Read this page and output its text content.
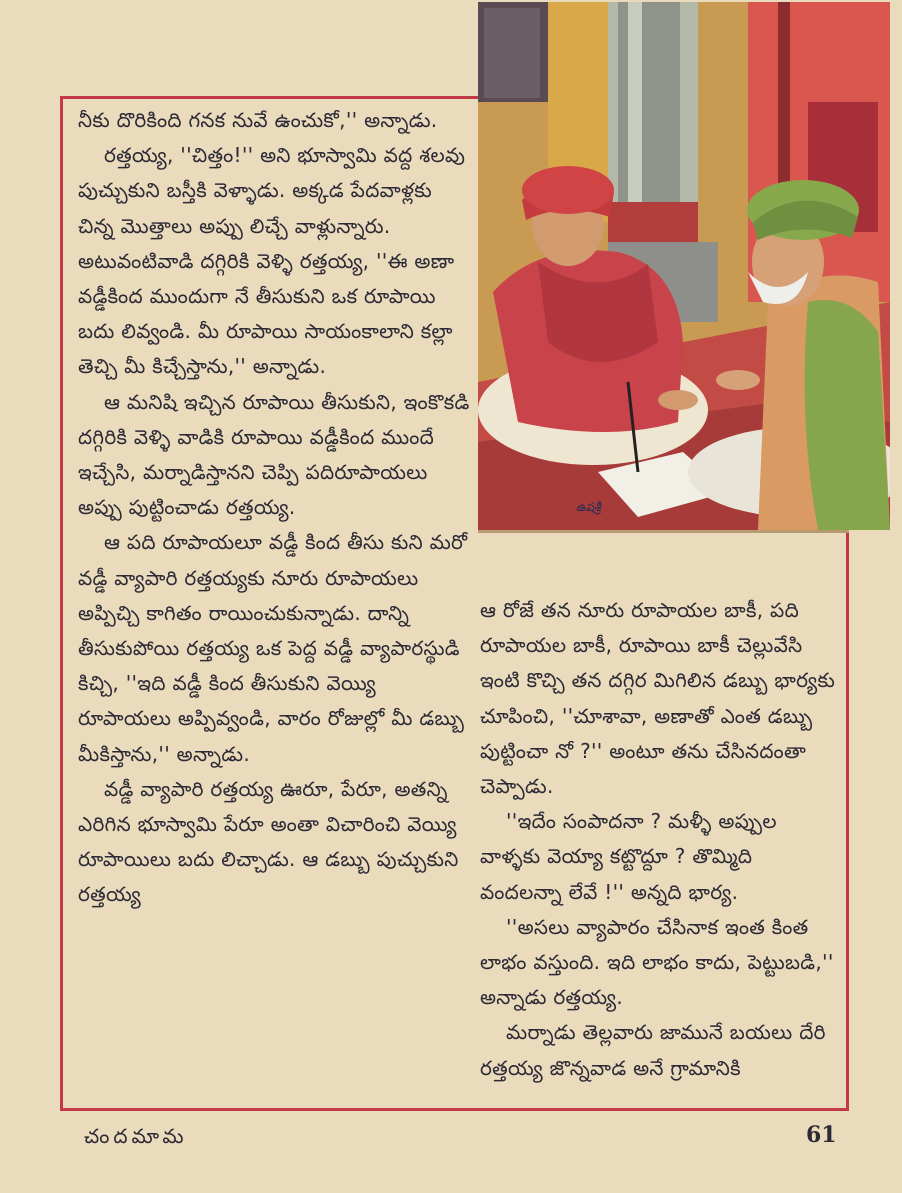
ఉషశ్రీ

నీకు దొరికింది గనక నువే ఉంచుకో,'' అన్నాడు.

రత్తయ్య, ''చిత్తం!'' అని భూస్వామి వద్ద శలవు పుచ్చుకుని బస్తీకి వెళ్ళాడు. అక్కడ పేదవాళ్లకు చిన్న మొత్తాలు అప్పు లిచ్చే వాళ్లున్నారు. అటువంటివాడి దగ్గిరికి వెళ్ళి రత్తయ్య, ''ఈ అణా వడ్డీకింద ముందుగా నే తీసుకుని ఒక రూపాయి బదు లివ్వండి. మీ రూపాయి సాయంకాలాని కల్లా తెచ్చి మీ కిచ్చేస్తాను,'' అన్నాడు.

ఆ మనిషి ఇచ్చిన రూపాయి తీసుకుని, ఇంకొకడి దగ్గిరికి వెళ్ళి వాడికి రూపాయి వడ్డీకింద ముందే ఇచ్చేసి, మర్నాడిస్తానని చెప్పి పదిరూపాయలు అప్పు పుట్టించాడు రత్తయ్య.

ఆ పది రూపాయలూ వడ్డీ కింద తీసు కుని మరో వడ్డీ వ్యాపారి రత్తయ్యకు నూరు రూపాయలు అప్పిచ్చి కాగితం రాయించుకున్నాడు. దాన్ని తీసుకుపోయి రత్తయ్య ఒక పెద్ద వడ్డీ వ్యాపారస్థుడి కిచ్చి, ''ఇది వడ్డీ కింద తీసుకుని వెయ్యి రూపాయలు అప్పివ్వండి, వారం రోజుల్లో మీ డబ్బు మీకిస్తాను,'' అన్నాడు.

వడ్డీ వ్యాపారి రత్తయ్య ఊరూ, పేరూ, అతన్ని ఎరిగిన భూస్వామి పేరూ అంతా విచారించి వెయ్యి రూపాయిలు బదు లిచ్చాడు. ఆ డబ్బు పుచ్చుకుని రత్తయ్య

ఆ రోజే తన నూరు రూపాయల బాకీ, పది రూపాయల బాకీ, రూపాయి బాకీ చెల్లువేసి ఇంటి కొచ్చి తన దగ్గిర మిగిలిన డబ్బు భార్యకు చూపించి, ''చూశావా, అణాతో ఎంత డబ్బు పుట్టించా నో ?'' అంటూ తను చేసినదంతా చెప్పాడు.

''ఇదేం సంపాదనా ? మళ్ళీ అప్పుల వాళ్ళకు వెయ్యా కట్టొద్దూ ? తొమ్మిది వందలన్నా లేవే !'' అన్నది భార్య.

''అసలు వ్యాపారం చేసినాక ఇంత కింత లాభం వస్తుంది. ఇది లాభం కాదు, పెట్టుబడి,'' అన్నాడు రత్తయ్య.

మర్నాడు తెల్లవారు జామునే బయలు దేరి రత్తయ్య జొన్నవాడ అనే గ్రామానికి

చందమామ	61
